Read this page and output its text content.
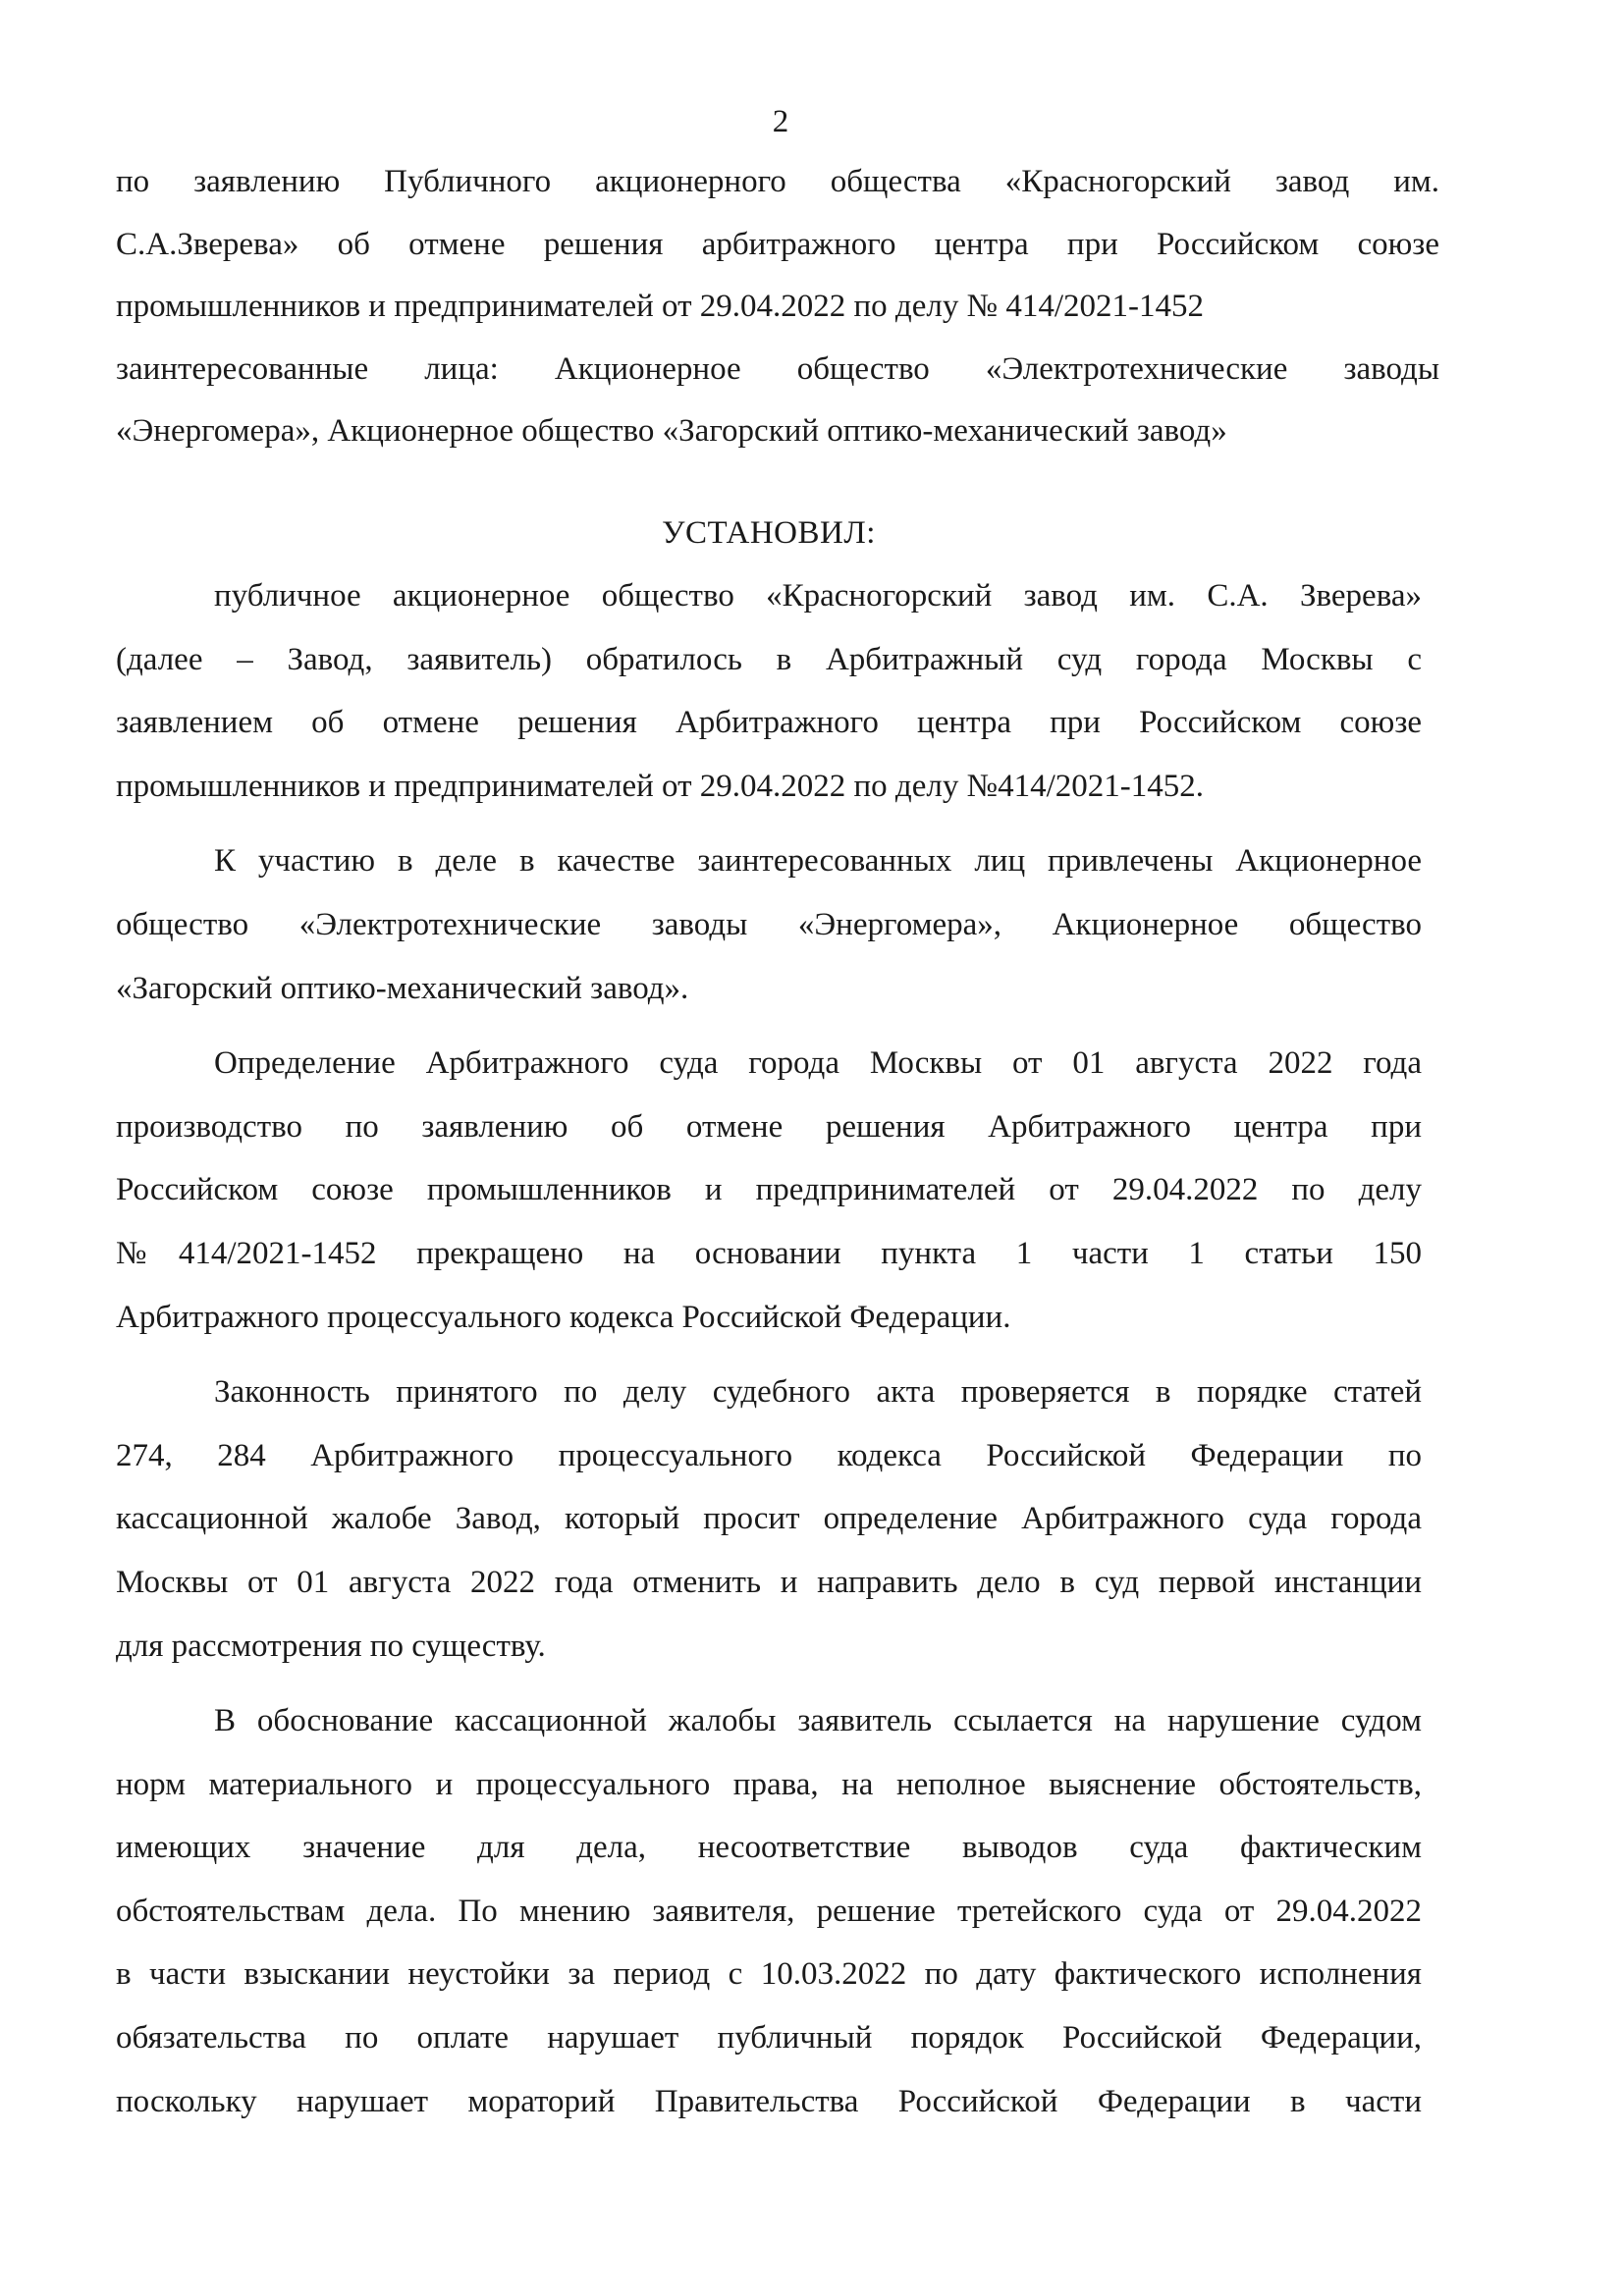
2
по заявлению Публичного акционерного общества «Красногорский завод им.
С.А.Зверева» об отмене решения арбитражного центра при Российском союзе
промышленников и предпринимателей от 29.04.2022 по делу № 414/2021-1452
заинтересованные лица: Акционерное общество «Электротехнические заводы
«Энергомера», Акционерное общество «Загорский оптико-механический завод»
УСТАНОВИЛ:
публичное акционерное общество «Красногорский завод им. С.А. Зверева»
(далее – Завод, заявитель) обратилось в Арбитражный суд города Москвы с
заявлением об отмене решения Арбитражного центра при Российском союзе
промышленников и предпринимателей от 29.04.2022 по делу №414/2021-1452.
К участию в деле в качестве заинтересованных лиц привлечены Акционерное
общество «Электротехнические заводы «Энергомера», Акционерное общество
«Загорский оптико-механический завод».
Определение Арбитражного суда города Москвы от 01 августа 2022 года
производство по заявлению об отмене решения Арбитражного центра при
Российском союзе промышленников и предпринимателей от 29.04.2022 по делу
№414/2021-1452 прекращено на основании пункта 1 части 1 статьи 150
Арбитражного процессуального кодекса Российской Федерации.
Законность принятого по делу судебного акта проверяется в порядке статей
274, 284 Арбитражного процессуального кодекса Российской Федерации по
кассационной жалобе Завод, который просит определение Арбитражного суда города
Москвы от 01 августа 2022 года отменить и направить дело в суд первой инстанции
для рассмотрения по существу.
В обоснование кассационной жалобы заявитель ссылается на нарушение судом
норм материального и процессуального права, на неполное выяснение обстоятельств,
имеющих значение для дела, несоответствие выводов суда фактическим
обстоятельствам дела. По мнению заявителя, решение третейского суда от 29.04.2022
в части взыскании неустойки за период с 10.03.2022 по дату фактического исполнения
обязательства по оплате нарушает публичный порядок Российской Федерации,
поскольку нарушает мораторий Правительства Российской Федерации в части
